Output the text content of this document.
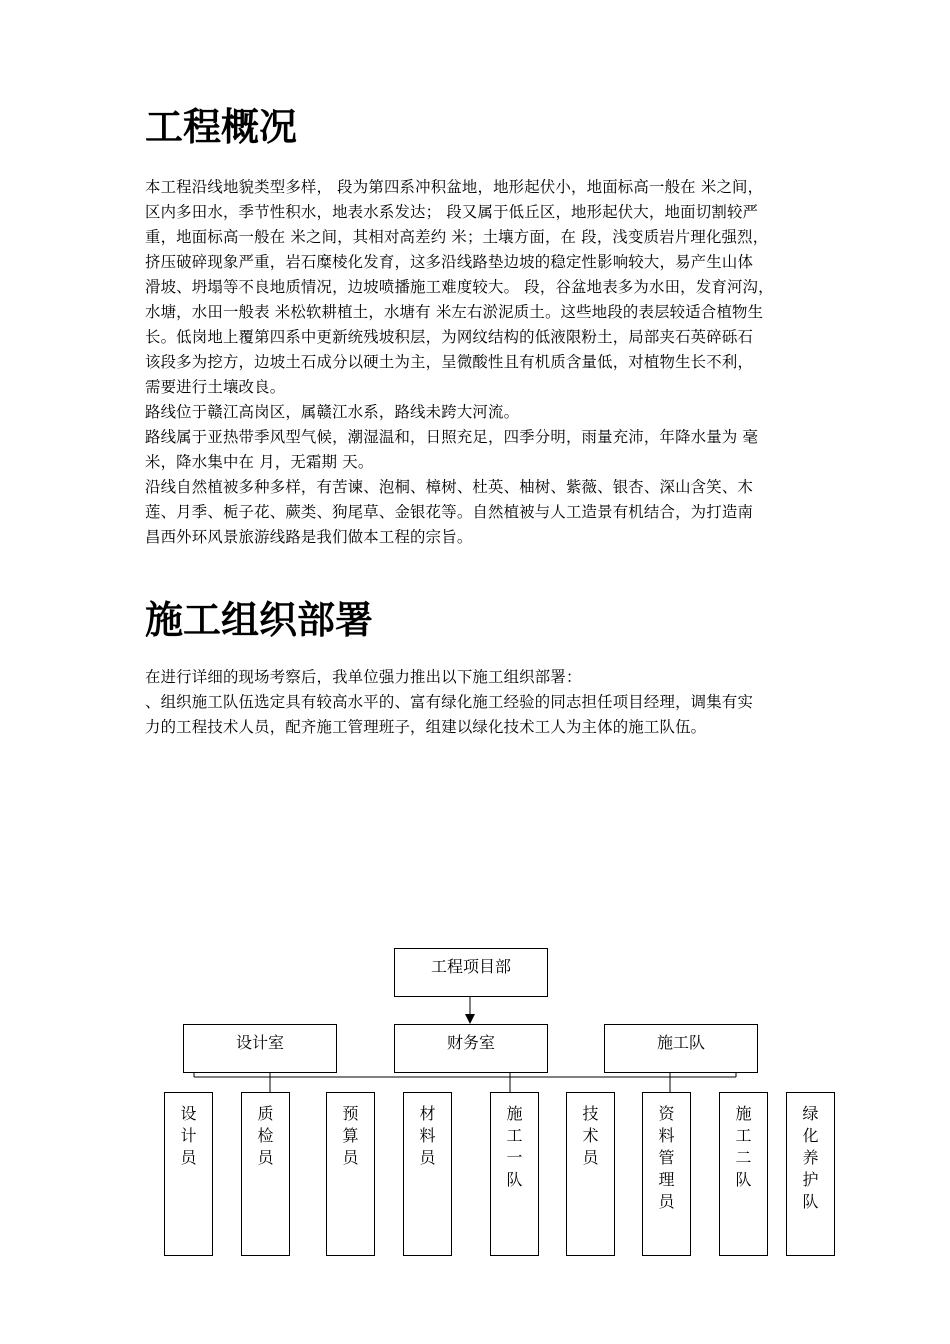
工程概况
本工程沿线地貌类型多样， 段为第四系冲积盆地，地形起伏小，地面标高一般在 米之间，
区内多田水，季节性积水，地表水系发达； 段又属于低丘区，地形起伏大，地面切割较严
重，地面标高一般在 米之间，其相对高差约 米；土壤方面，在 段，浅变质岩片理化强烈，
挤压破碎现象严重，岩石糜棱化发育，这多沿线路垫边坡的稳定性影响较大，易产生山体
滑坡、坍塌等不良地质情况，边坡喷播施工难度较大。 段，谷盆地表多为水田，发育河沟，
水塘，水田一般表 米松软耕植土，水塘有 米左右淤泥质土。这些地段的表层较适合植物生
长。低岗地上覆第四系中更新统残坡积层，为网纹结构的低液限粉土，局部夹石英碎砾石
该段多为挖方，边坡土石成分以硬土为主，呈微酸性且有机质含量低，对植物生长不利，
需要进行土壤改良。
路线位于赣江高岗区，属赣江水系，路线未跨大河流。
路线属于亚热带季风型气候，潮湿温和，日照充足，四季分明，雨量充沛，年降水量为 毫
米，降水集中在 月，无霜期 天。
沿线自然植被多种多样，有苦谏、泡桐、樟树、杜英、柚树、紫薇、银杏、深山含笑、木
莲、月季、栀子花、蕨类、狗尾草、金银花等。自然植被与人工造景有机结合，为打造南
昌西外环风景旅游线路是我们做本工程的宗旨。
施工组织部署
在进行详细的现场考察后，我单位强力推出以下施工组织部署：
、组织施工队伍选定具有较高水平的、富有绿化施工经验的同志担任项目经理，调集有实
力的工程技术人员，配齐施工管理班子，组建以绿化技术工人为主体的施工队伍。
工程项目部
设计室	财务室	施工队
设计员
质检员
预算员
材料员
施工一队
技术员
资料管理员
施工二队
绿化养护队
